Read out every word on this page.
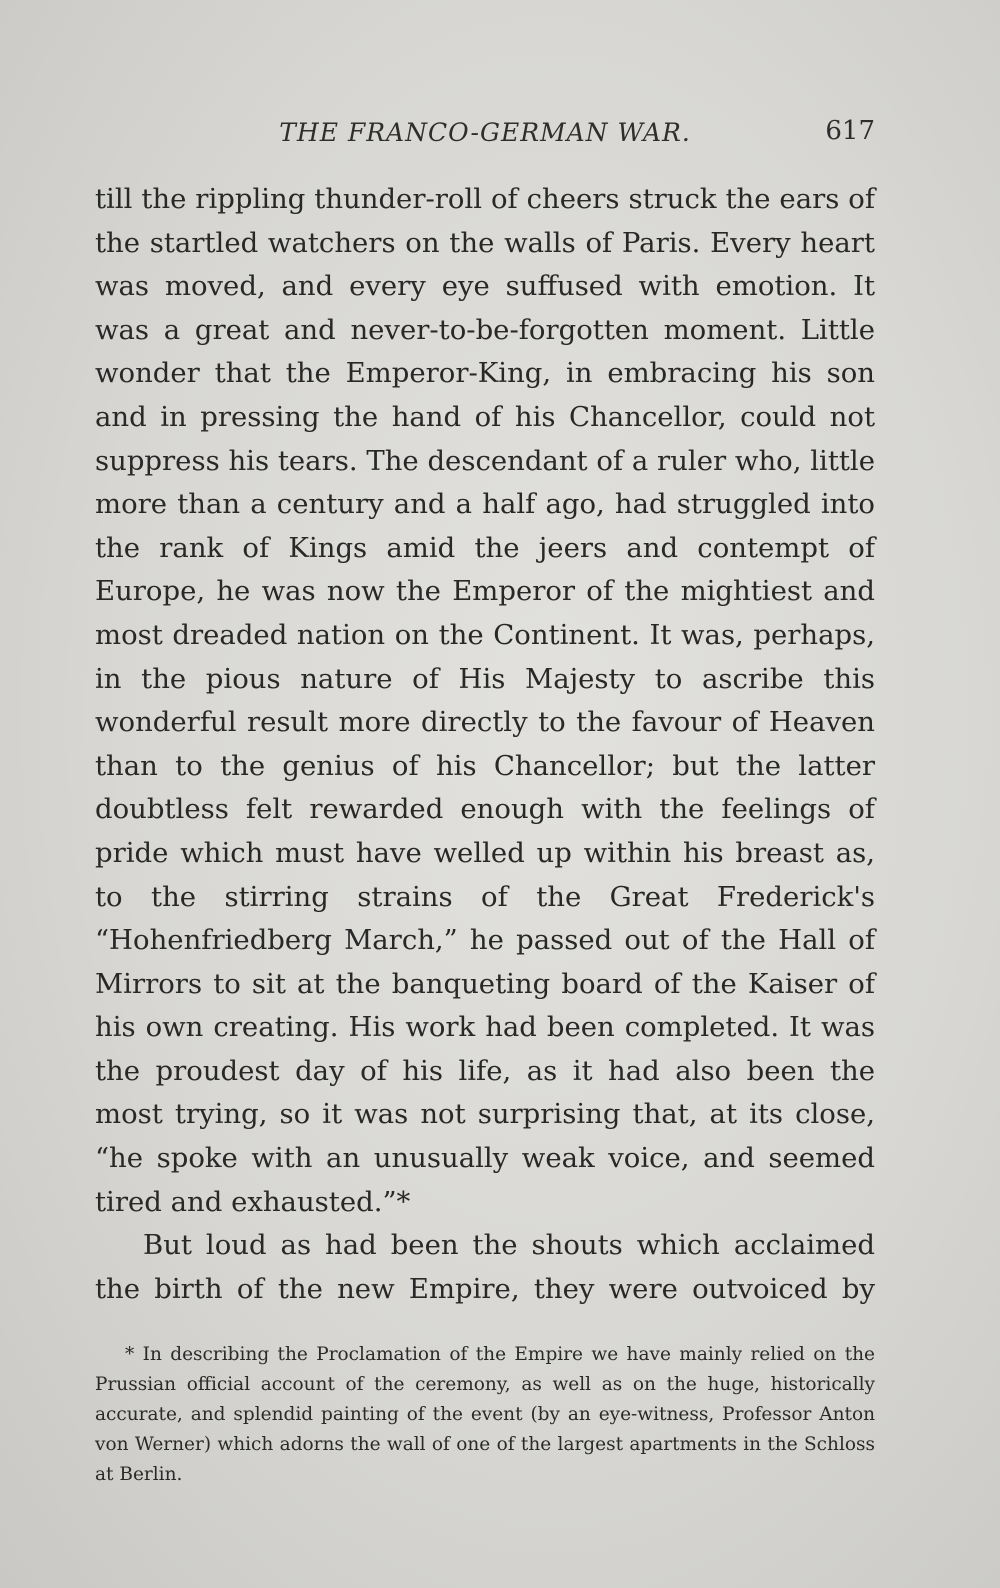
THE FRANCO-GERMAN WAR.	617

till the rippling thunder-roll of cheers struck the ears of the startled watchers on the walls of Paris. Every heart was moved, and every eye suffused with emotion. It was a great and never-to-be-forgotten moment. Little wonder that the Emperor-King, in embracing his son and in pressing the hand of his Chancellor, could not suppress his tears. The descendant of a ruler who, little more than a century and a half ago, had struggled into the rank of Kings amid the jeers and contempt of Europe, he was now the Emperor of the mightiest and most dreaded nation on the Continent. It was, perhaps, in the pious nature of His Majesty to ascribe this wonderful result more directly to the favour of Heaven than to the genius of his Chancellor; but the latter doubtless felt rewarded enough with the feelings of pride which must have welled up within his breast as, to the stirring strains of the Great Frederick's “Hohenfriedberg March,” he passed out of the Hall of Mirrors to sit at the banqueting board of the Kaiser of his own creating. His work had been completed. It was the proudest day of his life, as it had also been the most trying, so it was not surprising that, at its close, “he spoke with an unusually weak voice, and seemed tired and exhausted.”*

But loud as had been the shouts which acclaimed the birth of the new Empire, they were outvoiced by

* In describing the Proclamation of the Empire we have mainly relied on the Prussian official account of the ceremony, as well as on the huge, historically accurate, and splendid painting of the event (by an eye-witness, Professor Anton von Werner) which adorns the wall of one of the largest apartments in the Schloss at Berlin.
